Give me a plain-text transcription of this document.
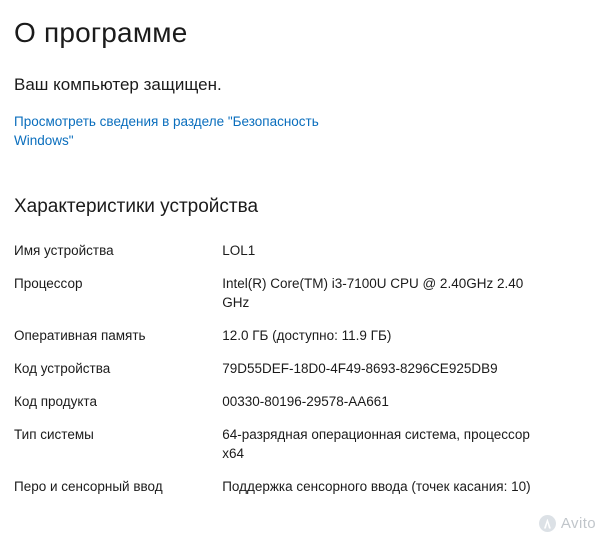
О программе
Ваш компьютер защищен.
Просмотреть сведения в разделе "Безопасность Windows"
Характеристики устройства
Имя устройства	LOL1
Процессор	Intel(R) Core(TM) i3-7100U CPU @ 2.40GHz 2.40 GHz
Оперативная память	12.0 ГБ (доступно: 11.9 ГБ)
Код устройства	79D55DEF-18D0-4F49-8693-8296CE925DB9
Код продукта	00330-80196-29578-AA661
Тип системы	64-разрядная операционная система, процессор x64
Перо и сенсорный ввод	Поддержка сенсорного ввода (точек касания: 10)
Avito
